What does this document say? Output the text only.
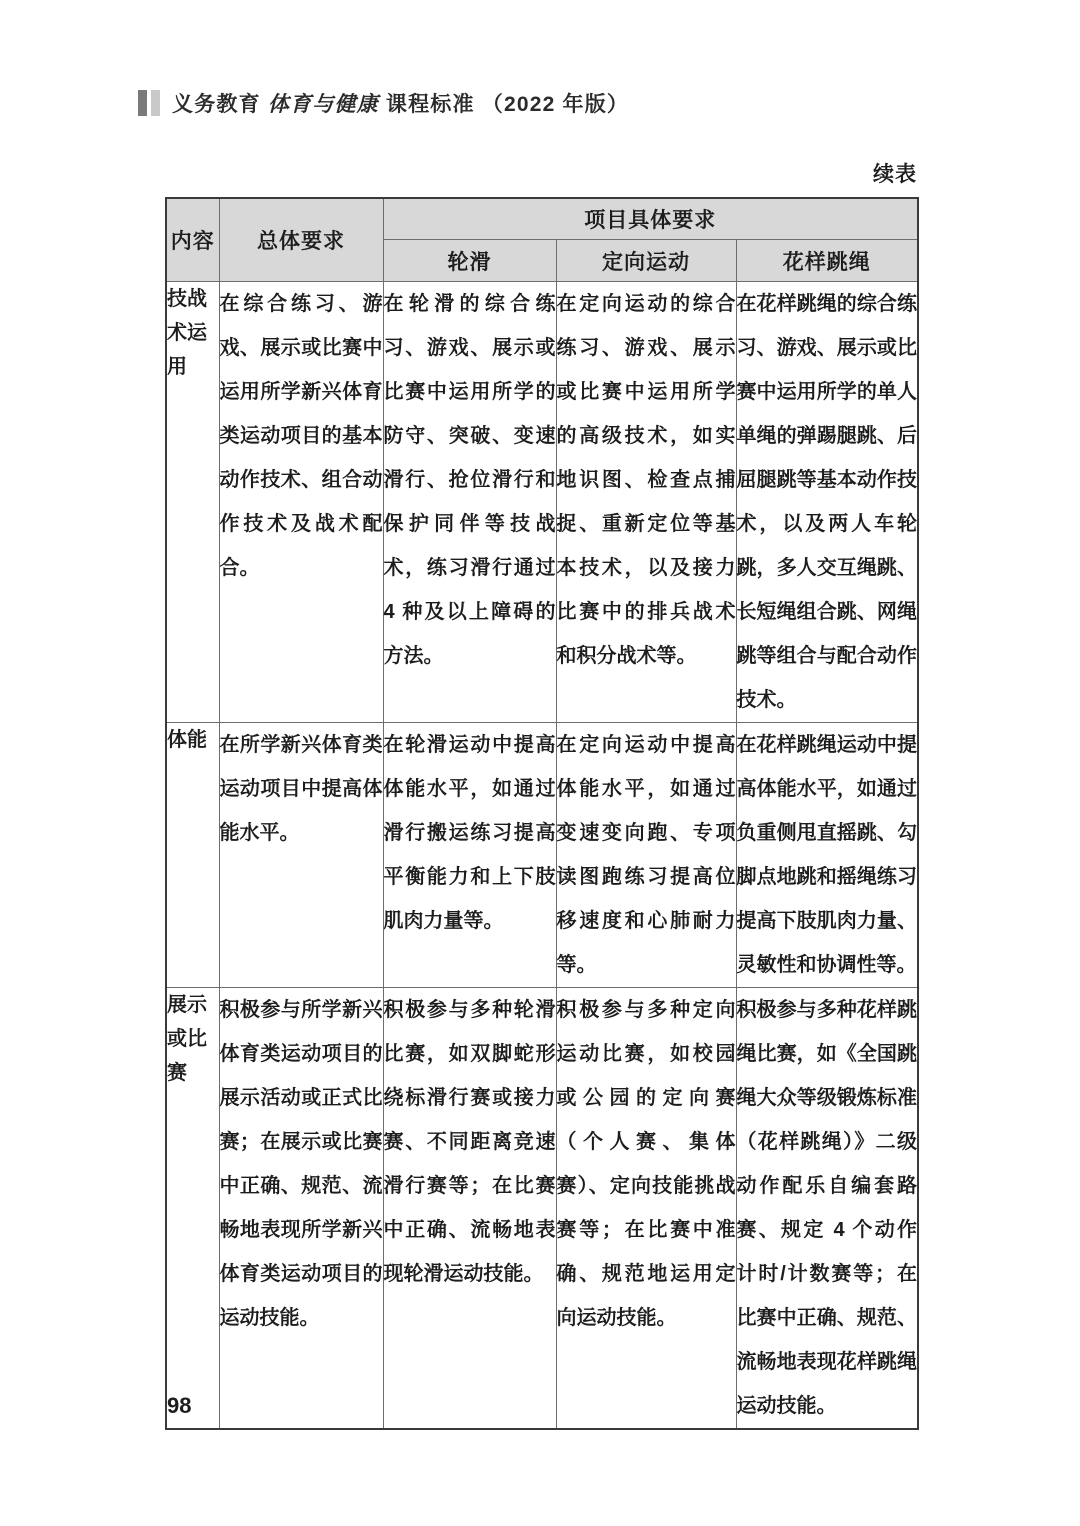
义务教育 体育与健康 课程标准 （2022 年版）
续表
内容	总体要求	项目具体要求		
		轮滑	定向运动	花样跳绳
技战术运用	在综合练习、游戏、展示或比赛中运用所学新兴体育类运动项目的基本动作技术、组合动作技术及战术配合。	在轮滑的综合练习、游戏、展示或比赛中运用所学的防守、突破、变速滑行、抢位滑行和保护同伴等技战术，练习滑行通过 4 种及以上障碍的方法。	在定向运动的综合练习、游戏、展示或比赛中运用所学的高级技术，如实地识图、检查点捕捉、重新定位等基本技术，以及接力比赛中的排兵战术和积分战术等。	在花样跳绳的综合练习、游戏、展示或比赛中运用所学的单人单绳的弹踢腿跳、后屈腿跳等基本动作技术，以及两人车轮跳，多人交互绳跳、长短绳组合跳、网绳跳等组合与配合动作技术。
体能	在所学新兴体育类运动项目中提高体能水平。	在轮滑运动中提高体能水平，如通过滑行搬运练习提高平衡能力和上下肢肌肉力量等。	在定向运动中提高体能水平，如通过变速变向跑、专项读图跑练习提高位移速度和心肺耐力等。	在花样跳绳运动中提高体能水平，如通过负重侧甩直摇跳、勾脚点地跳和摇绳练习提高下肢肌肉力量、灵敏性和协调性等。
展示或比赛	积极参与所学新兴体育类运动项目的展示活动或正式比赛；在展示或比赛中正确、规范、流畅地表现所学新兴体育类运动项目的运动技能。	积极参与多种轮滑比赛，如双脚蛇形绕标滑行赛或接力赛、不同距离竞速滑行赛等；在比赛中正确、流畅地表现轮滑运动技能。	积极参与多种定向运动比赛，如校园或公园的定向赛（个人赛、集体赛）、定向技能挑战赛等；在比赛中准确、规范地运用定向运动技能。	积极参与多种花样跳绳比赛，如《全国跳绳大众等级锻炼标准（花样跳绳）》二级动作配乐自编套路赛、规定 4 个动作计时/计数赛等；在比赛中正确、规范、流畅地表现花样跳绳运动技能。
98
